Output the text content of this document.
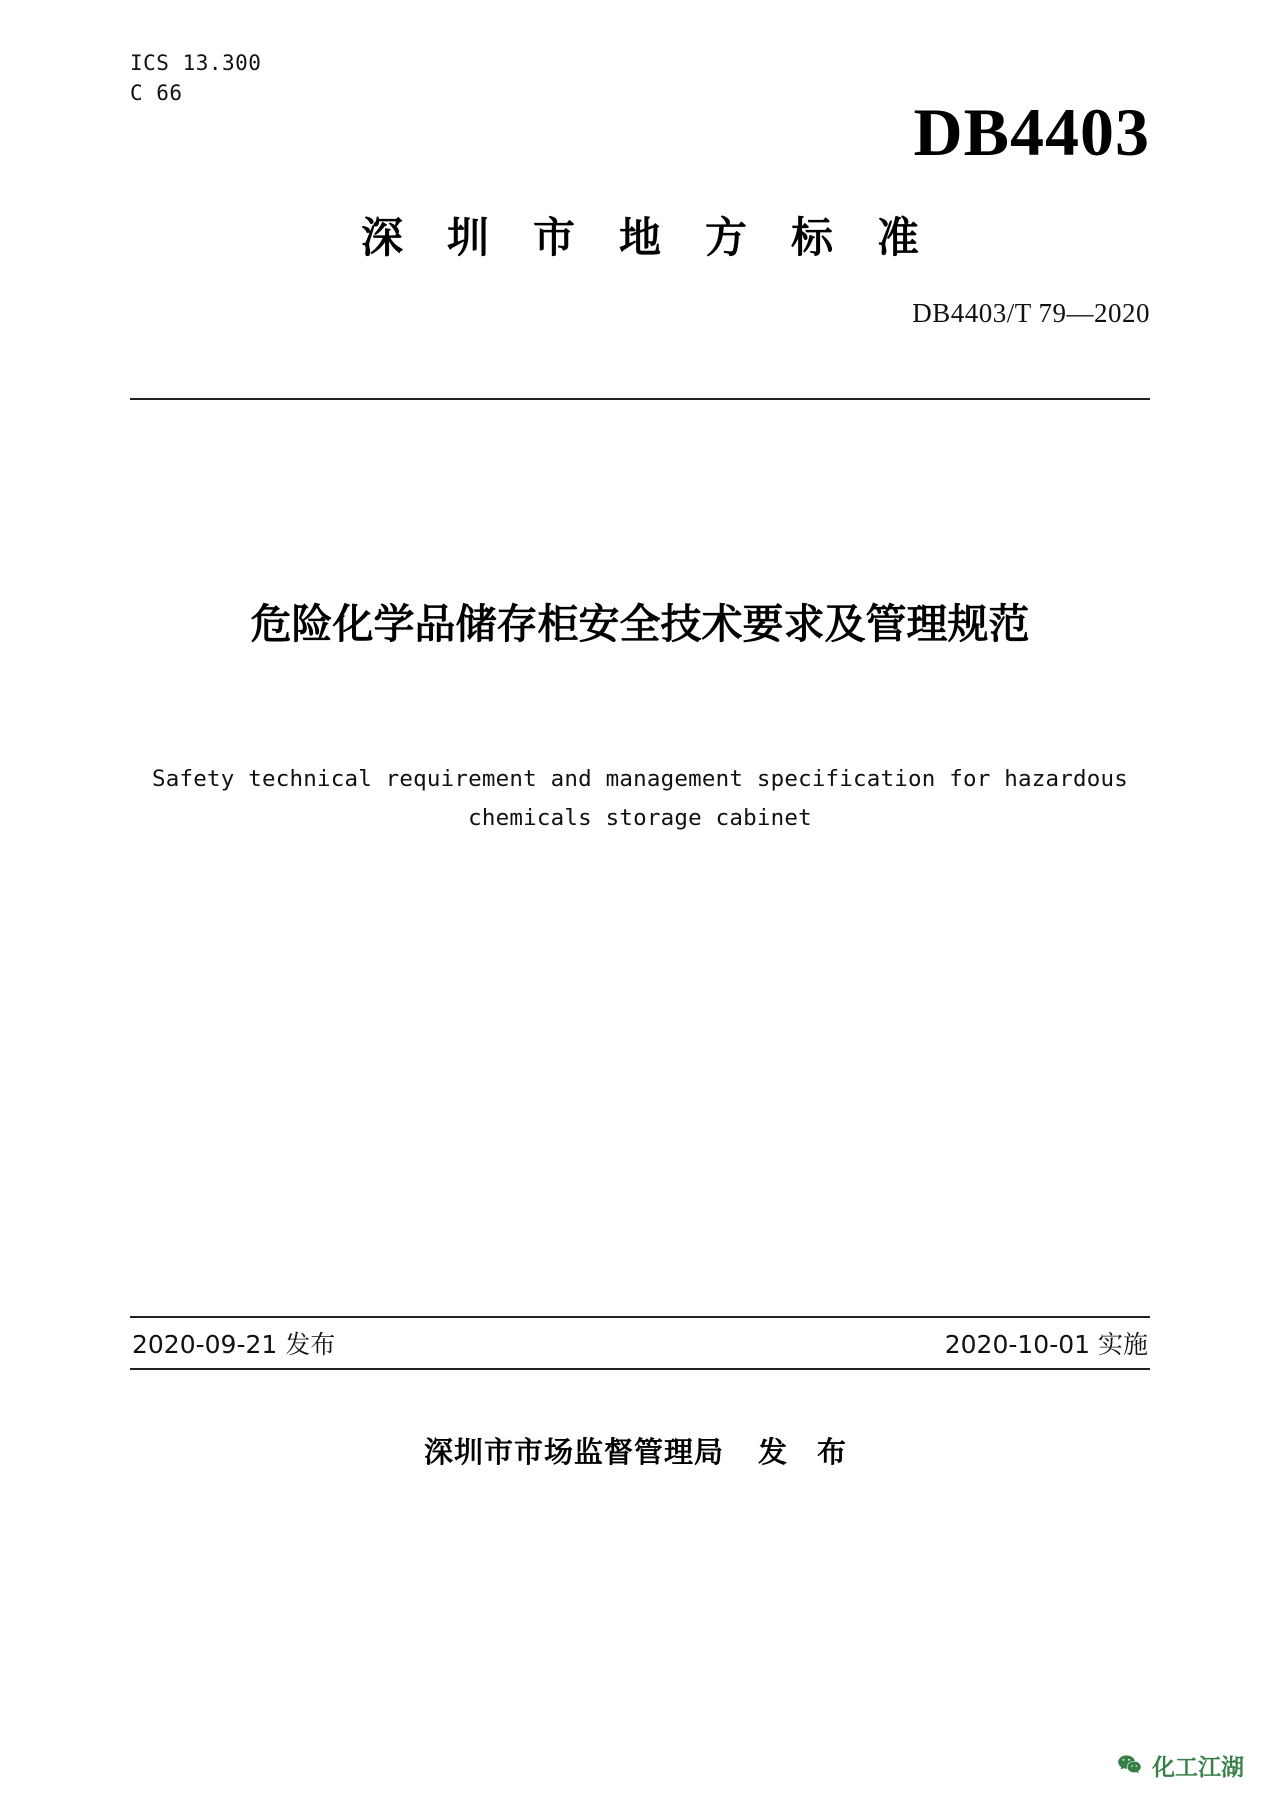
ICS 13.300
C 66
DB4403
深圳市地方标准
DB4403/T 79—2020
危险化学品储存柜安全技术要求及管理规范
Safety technical requirement and management specification for hazardous chemicals storage cabinet
2020-09-21 发布	2020-10-01 实施
深圳市市场监督管理局 发 布
化工江湖
